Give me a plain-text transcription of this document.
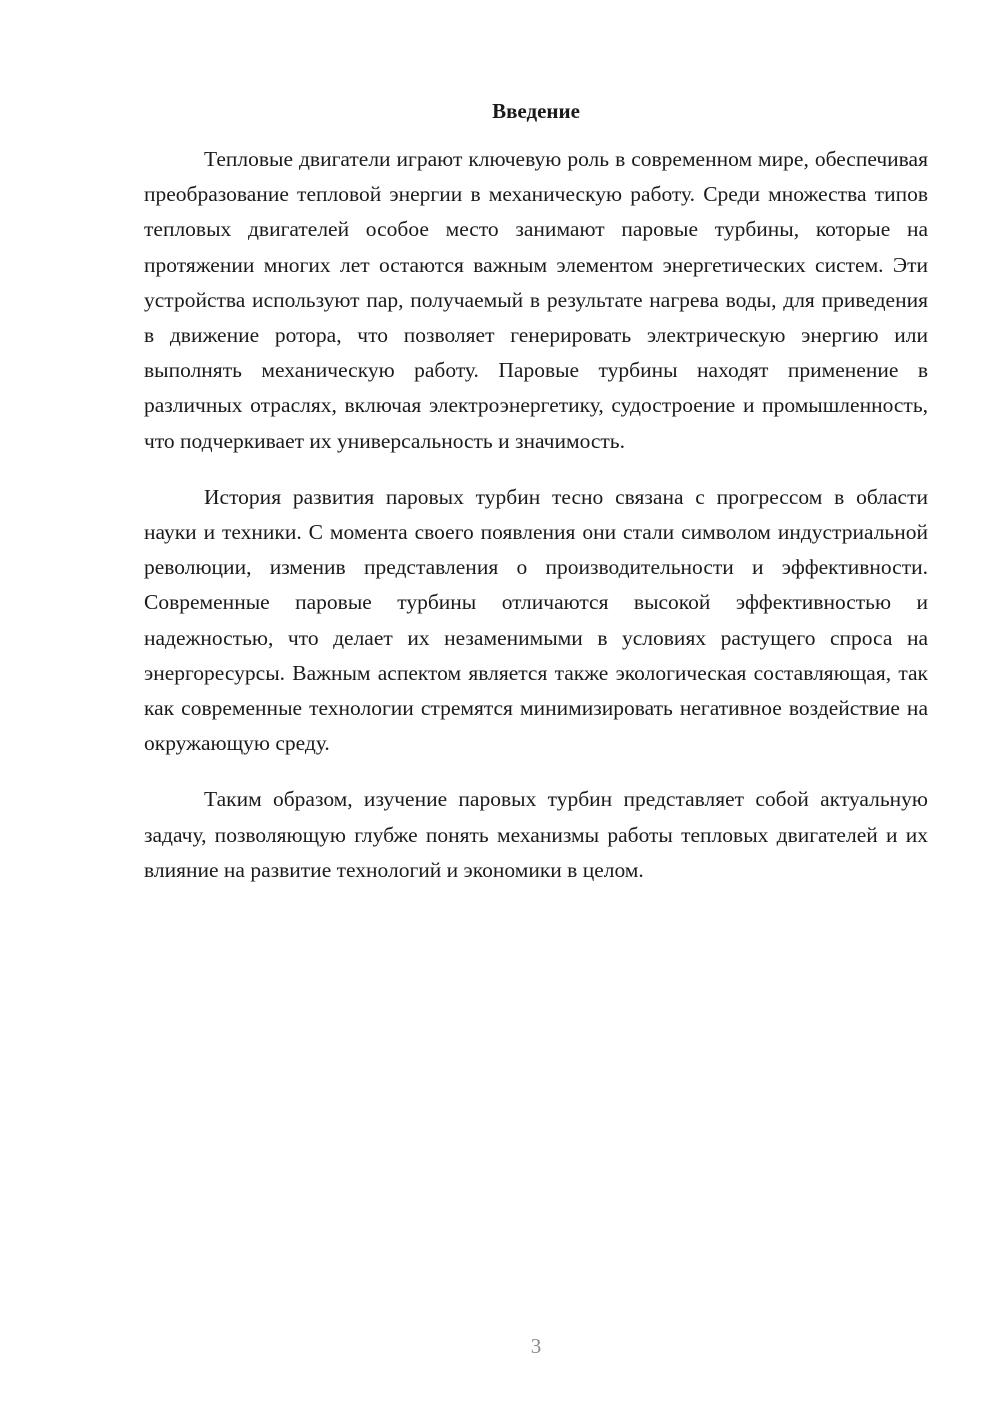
Введение

Тепловые двигатели играют ключевую роль в современном мире, обеспечивая преобразование тепловой энергии в механическую работу. Среди множества типов тепловых двигателей особое место занимают паровые турбины, которые на протяжении многих лет остаются важным элементом энергетических систем. Эти устройства используют пар, получаемый в результате нагрева воды, для приведения в движение ротора, что позволяет генерировать электрическую энергию или выполнять механическую работу. Паровые турбины находят применение в различных отраслях, включая электроэнергетику, судостроение и промышленность, что подчеркивает их универсальность и значимость.

История развития паровых турбин тесно связана с прогрессом в области науки и техники. С момента своего появления они стали символом индустриальной революции, изменив представления о производительности и эффективности. Современные паровые турбины отличаются высокой эффективностью и надежностью, что делает их незаменимыми в условиях растущего спроса на энергоресурсы. Важным аспектом является также экологическая составляющая, так как современные технологии стремятся минимизировать негативное воздействие на окружающую среду.

Таким образом, изучение паровых турбин представляет собой актуальную задачу, позволяющую глубже понять механизмы работы тепловых двигателей и их влияние на развитие технологий и экономики в целом.

3
